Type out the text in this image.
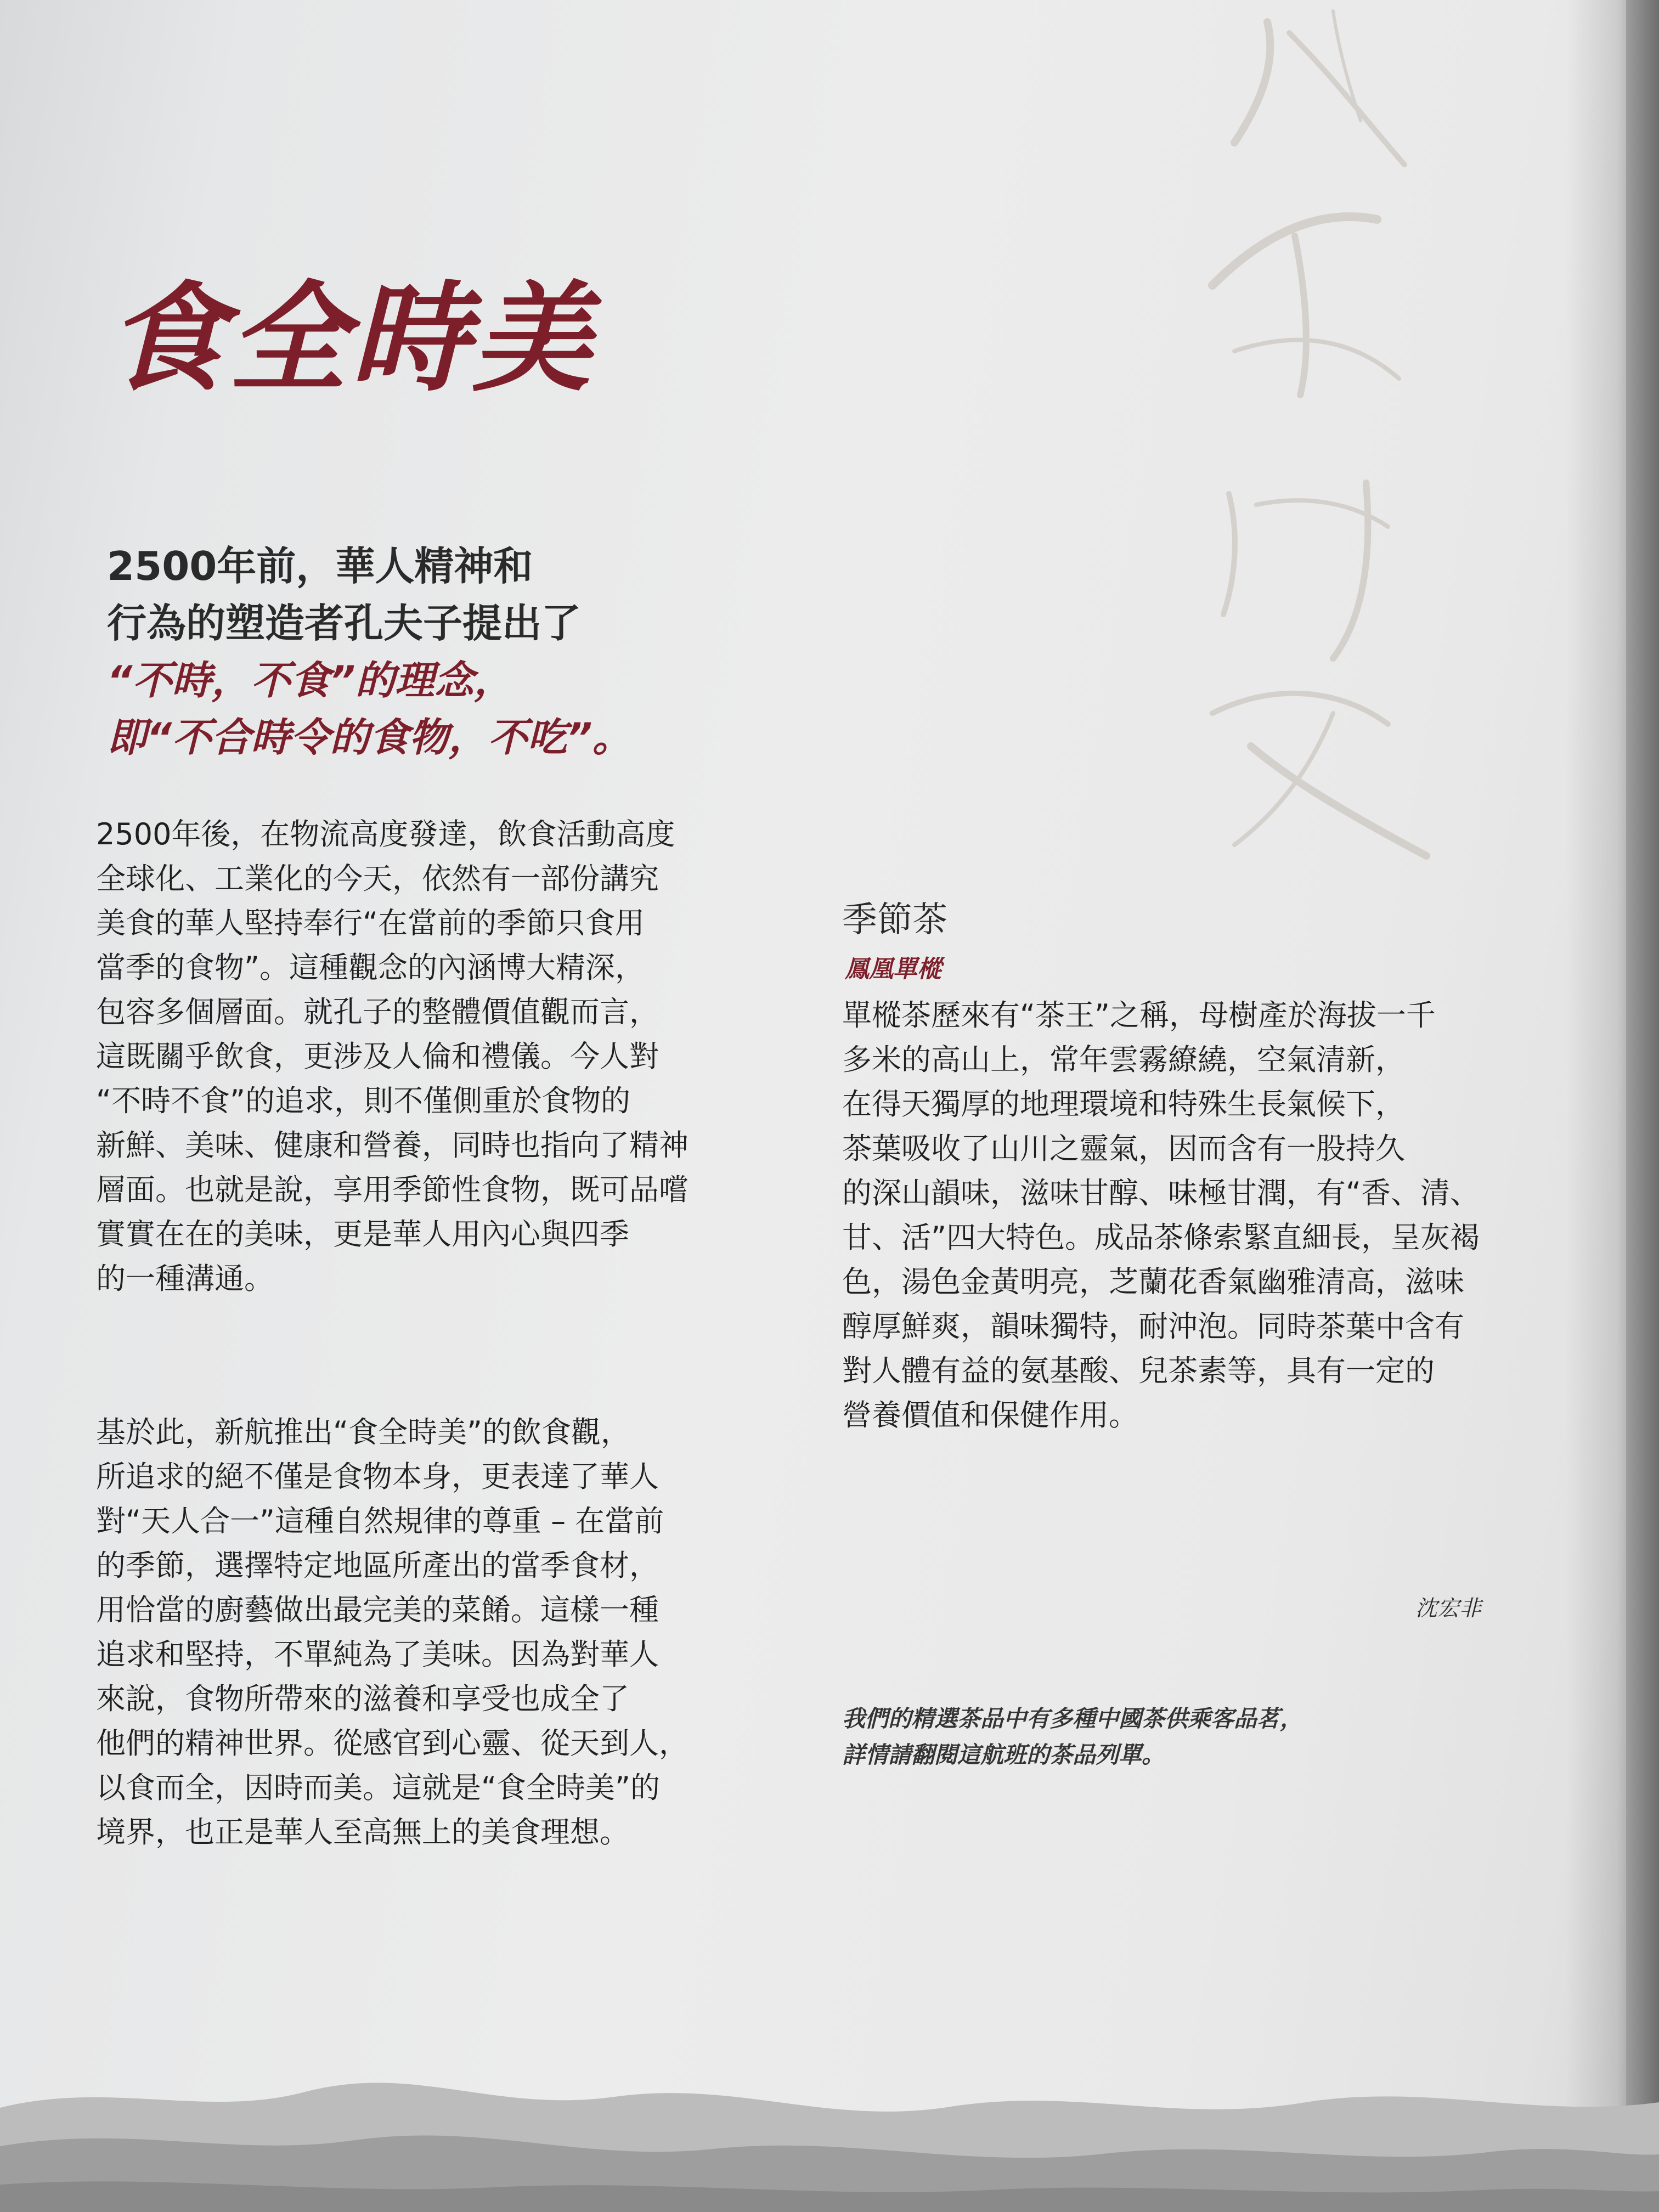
食全時美
2500年前，華人精神和
行為的塑造者孔夫子提出了
“不時，不食”的理念，
即“不合時令的食物，不吃”。
2500年後，在物流高度發達，飲食活動高度
全球化、工業化的今天，依然有一部份講究
美食的華人堅持奉行“在當前的季節只食用
當季的食物”。這種觀念的內涵博大精深，
包容多個層面。就孔子的整體價值觀而言，
這既關乎飲食，更涉及人倫和禮儀。今人對
“不時不食”的追求，則不僅側重於食物的
新鮮、美味、健康和營養，同時也指向了精神
層面。也就是說，享用季節性食物，既可品嚐
實實在在的美味，更是華人用內心與四季
的一種溝通。
基於此，新航推出“食全時美”的飲食觀，
所追求的絕不僅是食物本身，更表達了華人
對“天人合一”這種自然規律的尊重 – 在當前
的季節，選擇特定地區所產出的當季食材，
用恰當的廚藝做出最完美的菜餚。這樣一種
追求和堅持，不單純為了美味。因為對華人
來說，食物所帶來的滋養和享受也成全了
他們的精神世界。從感官到心靈、從天到人，
以食而全，因時而美。這就是“食全時美”的
境界，也正是華人至高無上的美食理想。
季節茶
鳳凰單樅
單樅茶歷來有“茶王”之稱，母樹產於海拔一千
多米的高山上，常年雲霧繚繞，空氣清新，
在得天獨厚的地理環境和特殊生長氣候下，
茶葉吸收了山川之靈氣，因而含有一股持久
的深山韻味，滋味甘醇、味極甘潤，有“香、清、
甘、活”四大特色。成品茶條索緊直細長，呈灰褐
色，湯色金黃明亮，芝蘭花香氣幽雅清高，滋味
醇厚鮮爽，韻味獨特，耐沖泡。同時茶葉中含有
對人體有益的氨基酸、兒茶素等，具有一定的
營養價值和保健作用。
沈宏非
我們的精選茶品中有多種中國茶供乘客品茗，
詳情請翻閱這航班的茶品列單。
